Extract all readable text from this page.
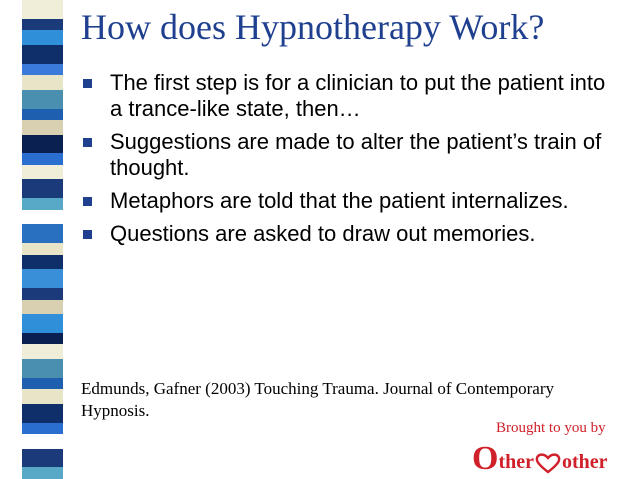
How does Hypnotherapy Work?
The first step is for a clinician to put the patient into a trance-like state, then…
Suggestions are made to alter the patient’s train of thought.
Metaphors are told that the patient internalizes.
Questions are asked to draw out memories.

Edmunds, Gafner (2003) Touching Trauma. Journal of Contemporary Hypnosis.

Brought to you by
O ther other
